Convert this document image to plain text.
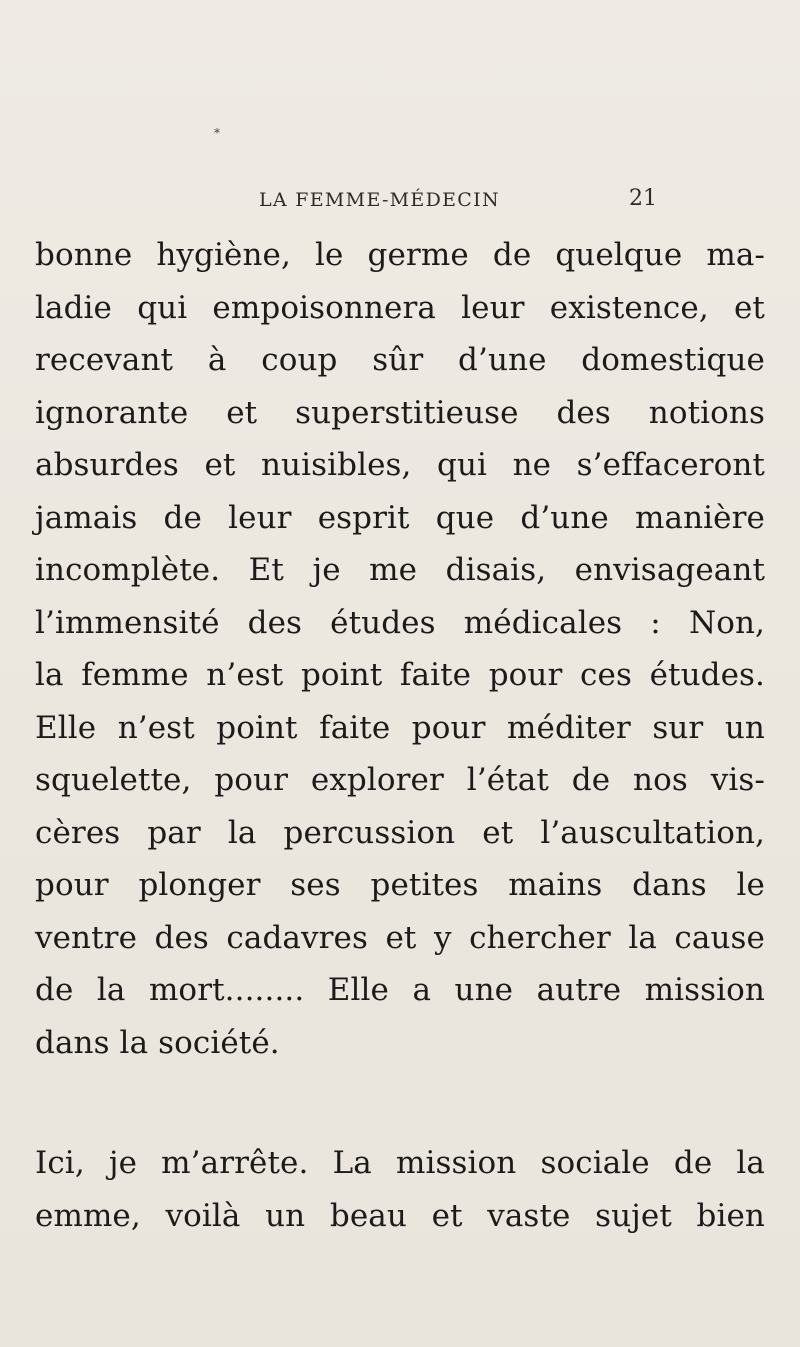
*
LA FEMME-MÉDECIN	21
bonne hygiène, le germe de quelque ma-
ladie qui empoisonnera leur existence, et
recevant à coup sûr d’une domestique
ignorante et superstitieuse des notions
absurdes et nuisibles, qui ne s’effaceront
jamais de leur esprit que d’une manière
incomplète. Et je me disais, envisageant
l’immensité des études médicales : Non,
la femme n’est point faite pour ces études.
Elle n’est point faite pour méditer sur un
squelette, pour explorer l’état de nos vis-
cères par la percussion et l’auscultation,
pour plonger ses petites mains dans le
ventre des cadavres et y chercher la cause
de la mort........ Elle a une autre mission
dans la société.
Ici, je m’arrête. La mission sociale de la
emme, voilà un beau et vaste sujet bien
